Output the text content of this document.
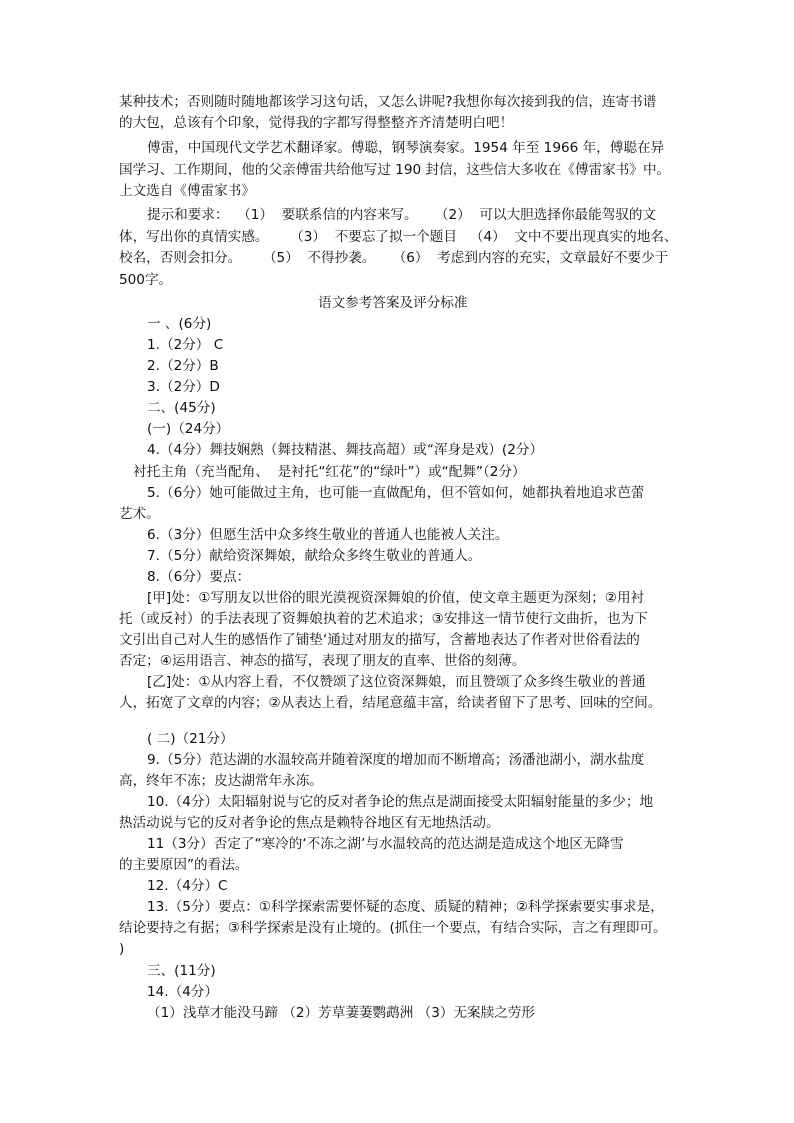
某种技术；否则随时随地都该学习这句话，又怎么讲呢?我想你每次接到我的信，连寄书谱
的大包，总该有个印象，觉得我的字都写得整整齐齐清楚明白吧！
傅雷，中国现代文学艺术翻译家。傅聪，钢琴演奏家。1954 年至 1966 年，傅聪在异
国学习、工作期间，他的父亲傅雷共给他写过 190 封信，这些信大多收在《傅雷家书》中。
上文选自《傅雷家书》
提示和要求：  （1）  要联系信的内容来写。    （2）  可以大胆选择你最能驾驭的文
体，写出你的真情实感。     （3）  不要忘了拟一个题目   （4）  文中不要出现真实的地名、
校名，否则会扣分。     （5）  不得抄袭。    （6）  考虑到内容的充实，文章最好不要少于
500字。
语文参考答案及评分标准
一 、(6分)
1.（2分） C
2.（2分）B
3.（2分）D
二、(45分)
(一)（24分）
4.（4分）舞技娴熟（舞技精湛、舞技高超）或“浑身是戏）(2分）
衬托主角（充当配角、  是衬托“红花”的“绿叶”）或“配舞”（2分）
5.（6分）她可能做过主角，也可能一直做配角，但不管如何，她都执着地追求芭蕾
艺术。
6.（3分）但愿生活中众多终生敬业的普通人也能被人关注。
7.（5分）献给资深舞娘，献给众多终生敬业的普通人。
8.（6分）要点：
[甲]处：①写朋友以世俗的眼光漠视资深舞娘的价值，使文章主题更为深刻；②用衬
托（或反衬）的手法表现了资舞娘执着的艺术追求；③安排这一情节使行文曲折，也为下
文引出自己对人生的感悟作了铺垫‘通过对朋友的描写，含蓄地表达了作者对世俗看法的
否定；④运用语言、神态的描写，表现了朋友的直率、世俗的刻薄。
[乙]处：①从内容上看，不仅赞颂了这位资深舞娘，而且赞颂了众多终生敬业的普通
人，拓宽了文章的内容；②从表达上看，结尾意蕴丰富，给读者留下了思考、回味的空间。
( 二)（21分）
9.（5分）范达湖的水温较高并随着深度的增加而不断增高；汤潘池湖小，湖水盐度
高，终年不冻；皮达湖常年永冻。
10.（4分）太阳辐射说与它的反对者争论的焦点是湖面接受太阳辐射能量的多少；地
热活动说与它的反对者争论的焦点是赖特谷地区有无地热活动。
11（3分）否定了“寒冷的‘不冻之湖’与水温较高的范达湖是造成这个地区无降雪
的主要原因”的看法。
12.（4分）C
13.（5分）要点：①科学探索需要怀疑的态度、质疑的精神；②科学探索要实事求是，
结论要持之有据；③科学探索是没有止境的。(抓住一个要点，有结合实际，言之有理即可。
)
三、(11分)
14.（4分）
（1）浅草才能没马蹄 （2）芳草萋萋鹦鹉洲 （3）无案牍之劳形
